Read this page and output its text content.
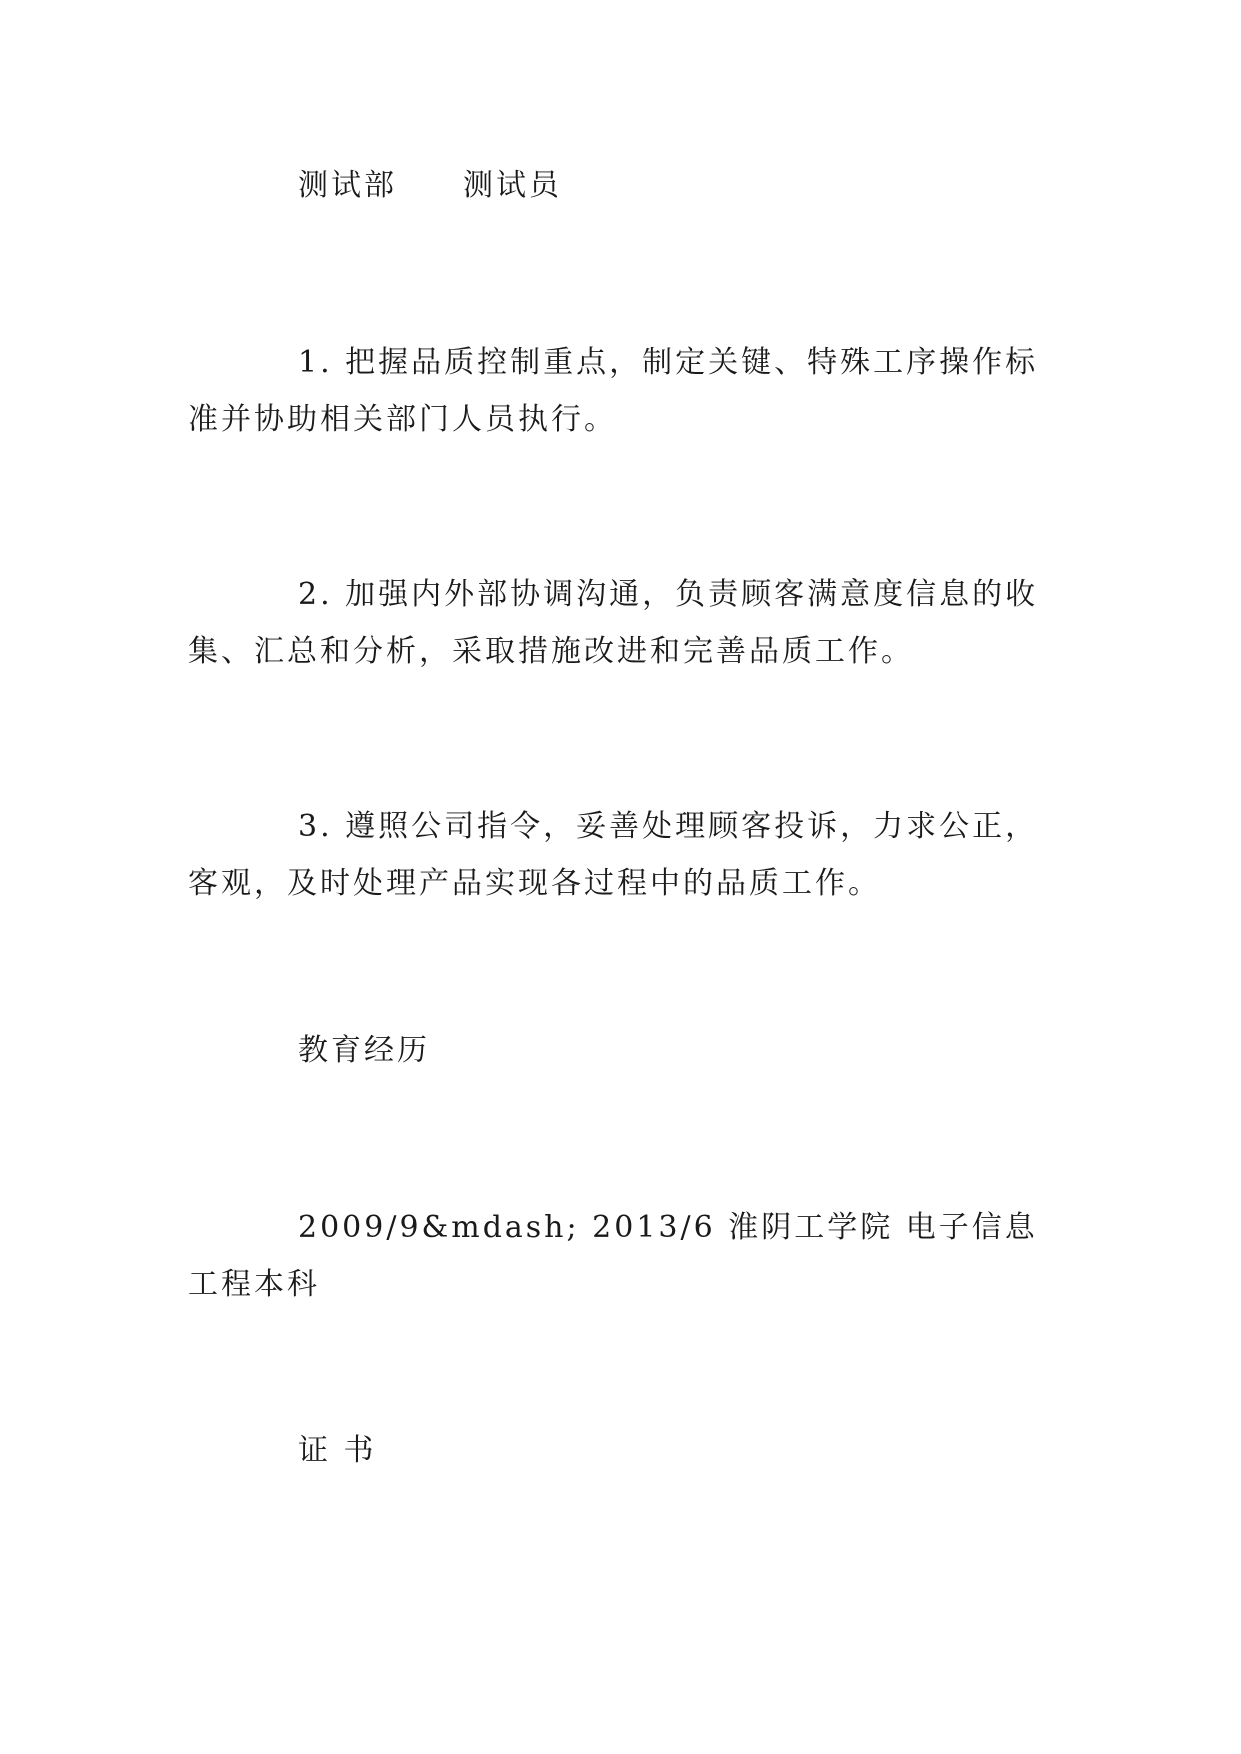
测试部 测试员

1. 把握品质控制重点，制定关键、特殊工序操作标准并协助相关部门人员执行。

2. 加强内外部协调沟通，负责顾客满意度信息的收集、汇总和分析，采取措施改进和完善品质工作。

3. 遵照公司指令，妥善处理顾客投诉，力求公正，客观，及时处理产品实现各过程中的品质工作。

教育经历

2009/9&mdash; 2013/6 淮阴工学院 电子信息工程本科

证 书
